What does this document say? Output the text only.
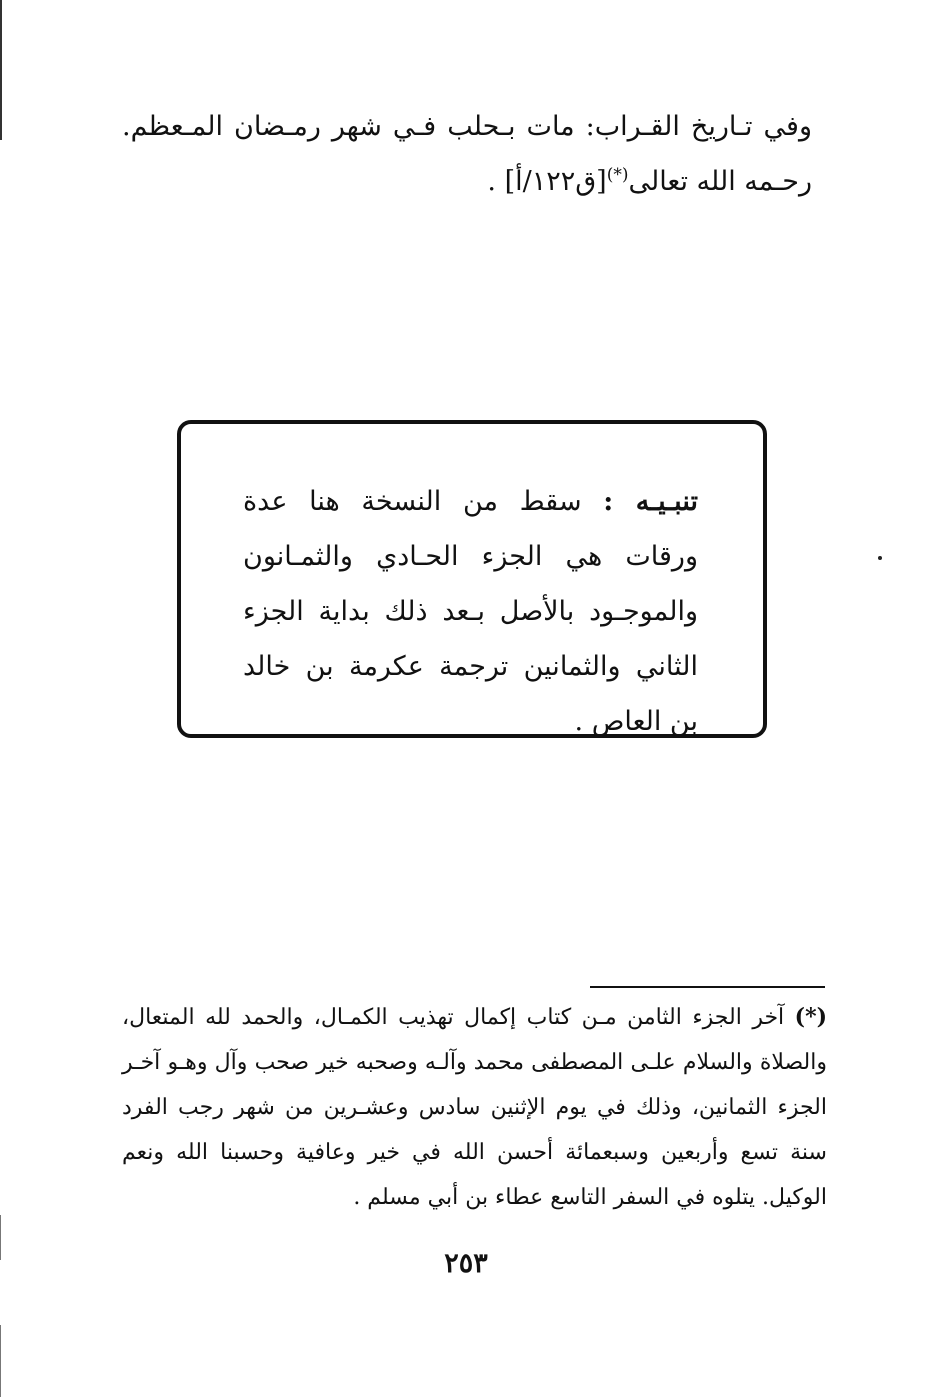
وفي تـاريخ القـراب: مات بـحلب فـي شهر رمـضان المـعظم. رحـمه الله تعالى(*)[ق١٢٢/أ] .

تنبـيـه : سقط من النسخة هنا عدة ورقات هي الجزء الحـادي والثمـانون والموجـود بالأصل بـعد ذلك بداية الجزء الثاني والثمانين ترجمة عكرمة بن خالد بن العاص .
(*) آخر الجزء الثامن مـن كتاب إكمال تهذيب الكمـال، والحمد لله المتعال، والصلاة والسلام علـى المصطفى محمد وآلـه وصحبه خير صحب وآل وهـو آخـر الجزء الثمانين، وذلك في يوم الإثنين سادس وعشـرين من شهر رجب الفرد سنة تسع وأربعين وسبعمائة أحسن الله في خير وعافية وحسبنا الله ونعم الوكيل. يتلوه في السفر التاسع عطاء بن أبي مسلم .
٢٥٣
